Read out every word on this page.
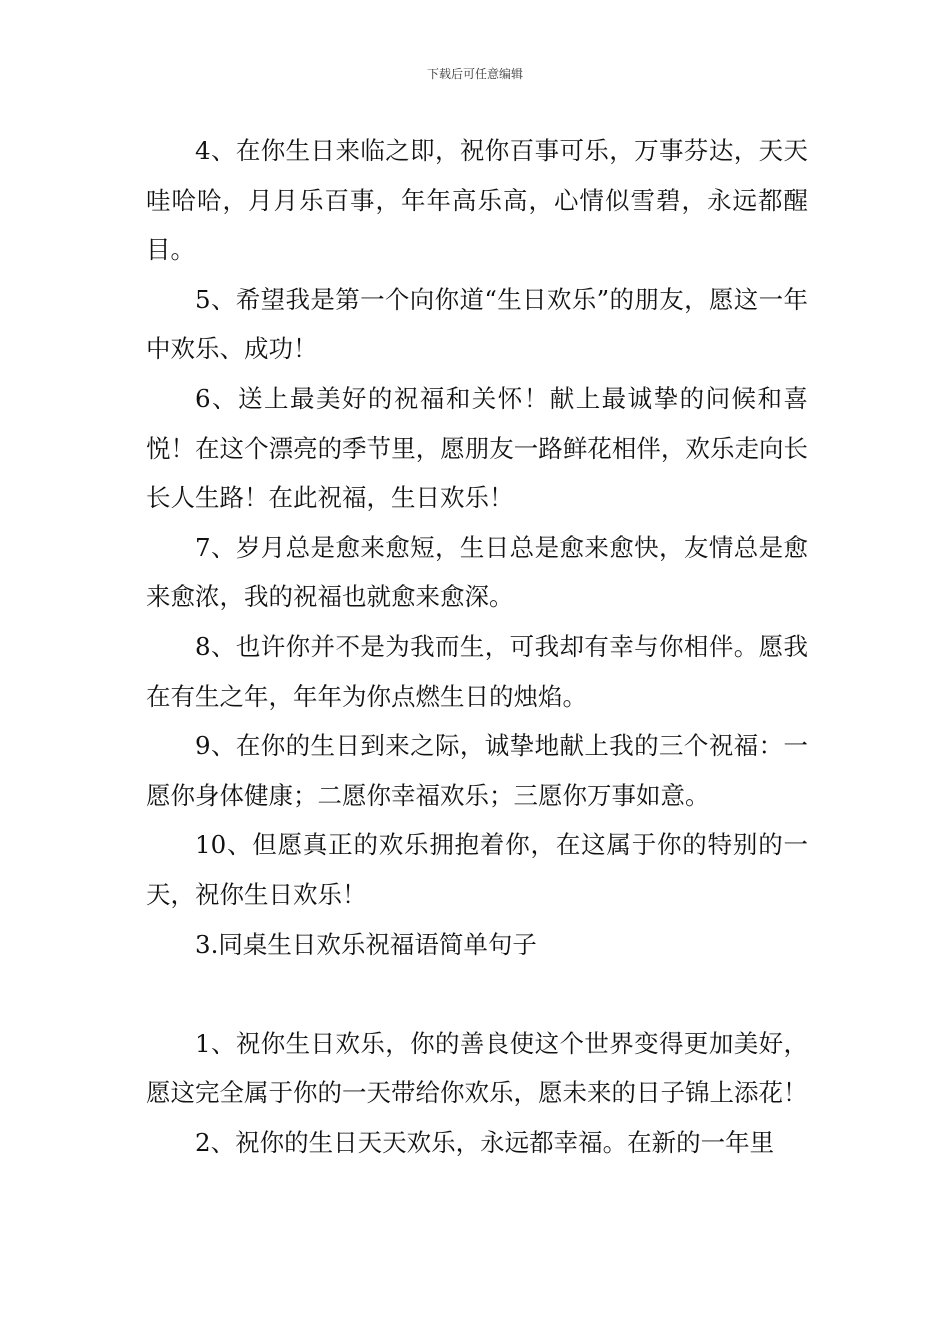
下载后可任意编辑

4、在你生日来临之即，祝你百事可乐，万事芬达，天天哇哈哈，月月乐百事，年年高乐高，心情似雪碧，永远都醒目。

5、希望我是第一个向你道“生日欢乐”的朋友，愿这一年中欢乐、成功！

6、送上最美好的祝福和关怀！献上最诚挚的问候和喜悦！在这个漂亮的季节里，愿朋友一路鲜花相伴，欢乐走向长长人生路！在此祝福，生日欢乐！

7、岁月总是愈来愈短，生日总是愈来愈快，友情总是愈来愈浓，我的祝福也就愈来愈深。

8、也许你并不是为我而生，可我却有幸与你相伴。愿我在有生之年，年年为你点燃生日的烛焰。

9、在你的生日到来之际，诚挚地献上我的三个祝福：一愿你身体健康；二愿你幸福欢乐；三愿你万事如意。

10、但愿真正的欢乐拥抱着你，在这属于你的特别的一天，祝你生日欢乐！

3.同桌生日欢乐祝福语简单句子

1、祝你生日欢乐，你的善良使这个世界变得更加美好，愿这完全属于你的一天带给你欢乐，愿未来的日子锦上添花！

2、祝你的生日天天欢乐，永远都幸福。在新的一年里
